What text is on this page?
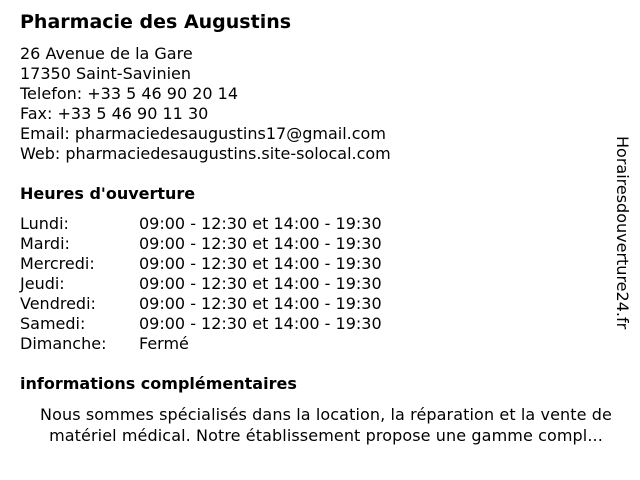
Pharmacie des Augustins
26 Avenue de la Gare
17350 Saint-Savinien
Telefon: +33 5 46 90 20 14
Fax: +33 5 46 90 11 30
Email: pharmaciedesaugustins17@gmail.com
Web: pharmaciedesaugustins.site-solocal.com
Heures d'ouverture
Lundi:	09:00 - 12:30 et 14:00 - 19:30
Mardi:	09:00 - 12:30 et 14:00 - 19:30
Mercredi:	09:00 - 12:30 et 14:00 - 19:30
Jeudi:	09:00 - 12:30 et 14:00 - 19:30
Vendredi:	09:00 - 12:30 et 14:00 - 19:30
Samedi:	09:00 - 12:30 et 14:00 - 19:30
Dimanche: Fermé
informations complémentaires
Nous sommes spécialisés dans la location, la réparation et la vente de matériel médical. Notre établissement propose une gamme compl...
Horairesdouverture24.fr
